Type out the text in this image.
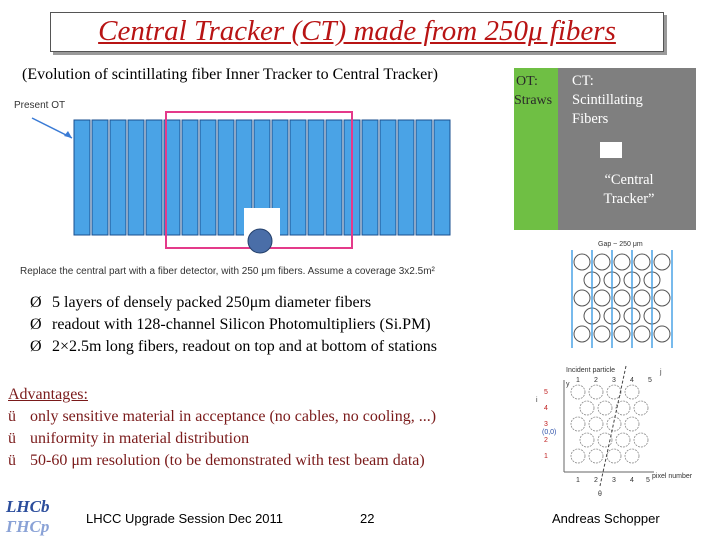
Central Tracker (CT) made from 250μ fibers
(Evolution of scintillating fiber Inner Tracker to Central Tracker)
Present OT
Replace the central part with a fiber detector, with 250 μm fibers. Assume a coverage 3x2.5m²
OT:
Straws
CT:
Scintillating
Fibers
“Central Tracker”
Ø 5 layers of densely packed 250μm diameter fibers
Ø readout with 128-channel Silicon Photomultipliers (Si.PM)
Ø 2×2.5m long fibers, readout on top and at bottom of stations
Advantages:
ü only sensitive material in acceptance (no cables, no cooling, ...)
ü uniformity in material distribution
ü 50-60 μm resolution (to be demonstrated with test beam data)
Gap ~ 250 μm
Incident particle
y
j
i
(0,0)
θ
pixel number
5
4
3
2
1
1 2 3 4 5
1 2 3 4 5
LHCb
ΓHCp	LHCC Upgrade Session Dec 2011	22	Andreas Schopper
